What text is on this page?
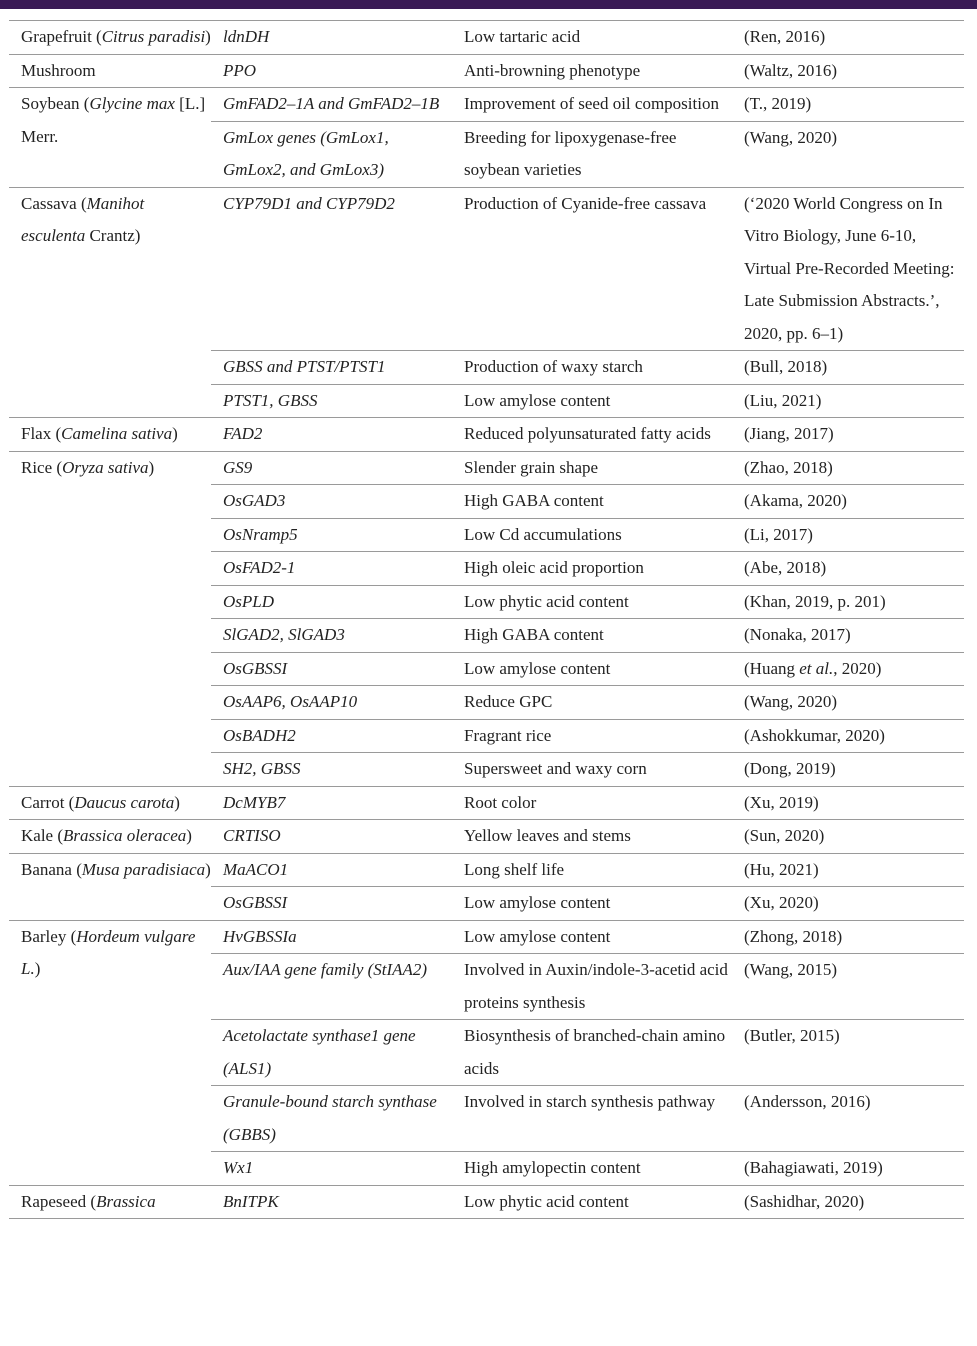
Grapefruit (Citrus paradisi)	ldnDH	Low tartaric acid	(Ren, 2016)
Mushroom	PPO	Anti-browning phenotype	(Waltz, 2016)
Soybean (Glycine max [L.] Merr.	GmFAD2–1A and GmFAD2–1B	Improvement of seed oil composition	(T., 2019)
	GmLox genes (GmLox1, GmLox2, and GmLox3)	Breeding for lipoxygenase-free soybean varieties	(Wang, 2020)
Cassava (Manihot esculenta Crantz)	CYP79D1 and CYP79D2	Production of Cyanide-free cassava	(‘2020 World Congress on In Vitro Biology, June 6-10, Virtual Pre-Recorded Meeting: Late Submission Abstracts.’, 2020, pp. 6–1)
	GBSS and PTST/PTST1	Production of waxy starch	(Bull, 2018)
	PTST1, GBSS	Low amylose content	(Liu, 2021)
Flax (Camelina sativa)	FAD2	Reduced polyunsaturated fatty acids	(Jiang, 2017)
Rice (Oryza sativa)	GS9	Slender grain shape	(Zhao, 2018)
	OsGAD3	High GABA content	(Akama, 2020)
	OsNramp5	Low Cd accumulations	(Li, 2017)
	OsFAD2-1	High oleic acid proportion	(Abe, 2018)
	OsPLD	Low phytic acid content	(Khan, 2019, p. 201)
	SlGAD2, SlGAD3	High GABA content	(Nonaka, 2017)
	OsGBSSI	Low amylose content	(Huang et al., 2020)
	OsAAP6, OsAAP10	Reduce GPC	(Wang, 2020)
	OsBADH2	Fragrant rice	(Ashokkumar, 2020)
	SH2, GBSS	Supersweet and waxy corn	(Dong, 2019)
Carrot (Daucus carota)	DcMYB7	Root color	(Xu, 2019)
Kale (Brassica oleracea)	CRTISO	Yellow leaves and stems	(Sun, 2020)
Banana (Musa paradisiaca)	MaACO1	Long shelf life	(Hu, 2021)
	OsGBSSI	Low amylose content	(Xu, 2020)
Barley (Hordeum vulgare L.)	HvGBSSIa	Low amylose content	(Zhong, 2018)
	Aux/IAA gene family (StIAA2)	Involved in Auxin/indole-3-acetid acid proteins synthesis	(Wang, 2015)
	Acetolactate synthase1 gene (ALS1)	Biosynthesis of branched-chain amino acids	(Butler, 2015)
	Granule-bound starch synthase (GBBS)	Involved in starch synthesis pathway	(Andersson, 2016)
	Wx1	High amylopectin content	(Bahagiawati, 2019)
Rapeseed (Brassica	BnITPK	Low phytic acid content	(Sashidhar, 2020)
